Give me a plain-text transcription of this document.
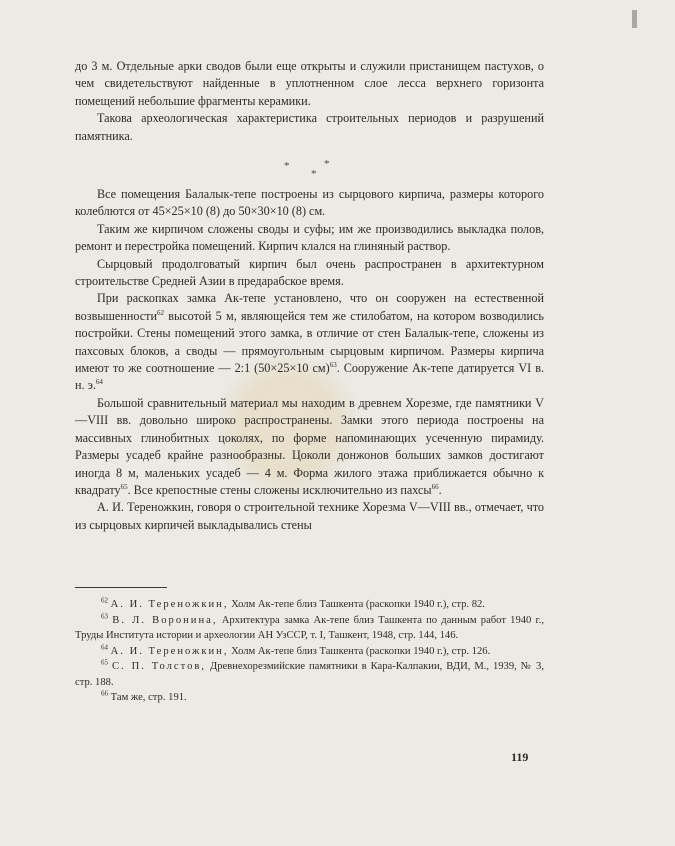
до 3 м. Отдельные арки сводов были еще открыты и служили пристанищем пастухов, о чем свидетельствуют найденные в уплотненном слое лесса верхнего горизонта помещений небольшие фрагменты керамики.

Такова археологическая характеристика строительных периодов и разрушений памятника.

*
*
*

Все помещения Балалык-тепе построены из сырцового кирпича, размеры которого колеблются от 45×25×10 (8) до 50×30×10 (8) см.

Таким же кирпичом сложены своды и суфы; им же производились выкладка полов, ремонт и перестройка помещений. Кирпич клался на глиняный раствор.

Сырцовый продолговатый кирпич был очень распространен в архитектурном строительстве Средней Азии в предарабское время.

При раскопках замка Ак-тепе установлено, что он сооружен на естественной возвышенности$^{62}$ высотой 5 м, являющейся тем же стилобатом, на котором возводились постройки. Стены помещений этого замка, в отличие от стен Балалык-тепе, сложены из пахсовых блоков, а своды — прямоугольным сырцовым кирпичом. Размеры кирпича имеют то же соотношение — 2:1 (50×25×10 см)$^{63}$. Сооружение Ак-тепе датируется VI в. н. э.$^{64}$

Большой сравнительный материал мы находим в древнем Хорезме, где памятники V—VIII вв. довольно широко распространены. Замки этого периода построены на массивных глинобитных цоколях, по форме напоминающих усеченную пирамиду. Размеры усадеб крайне разнообразны. Цоколи донжонов больших замков достигают иногда 8 м, маленьких усадеб — 4 м. Форма жилого этажа приближается обычно к квадрату$^{65}$. Все крепостные стены сложены исключительно из пахсы$^{66}$.

А. И. Тереножкин, говоря о строительной технике Хорезма V—VIII вв., отмечает, что из сырцовых кирпичей выкладывались стены

$^{62}$ А. И. Тереножкин, Холм Ак-тепе близ Ташкента (раскопки 1940 г.), стр. 82.

$^{63}$ В. Л. Воронина, Архитектура замка Ак-тепе близ Ташкента по данным работ 1940 г., Труды Института истории и археологии АН УзССР, т. I, Ташкент, 1948, стр. 144, 146.

$^{64}$ А. И. Тереножкин, Холм Ак-тепе близ Ташкента (раскопки 1940 г.), стр. 126.

$^{65}$ С. П. Толстов, Древнехорезмийские памятники в Кара-Калпакии, ВДИ, М., 1939, № 3, стр. 188.

$^{66}$ Там же, стр. 191.

119
